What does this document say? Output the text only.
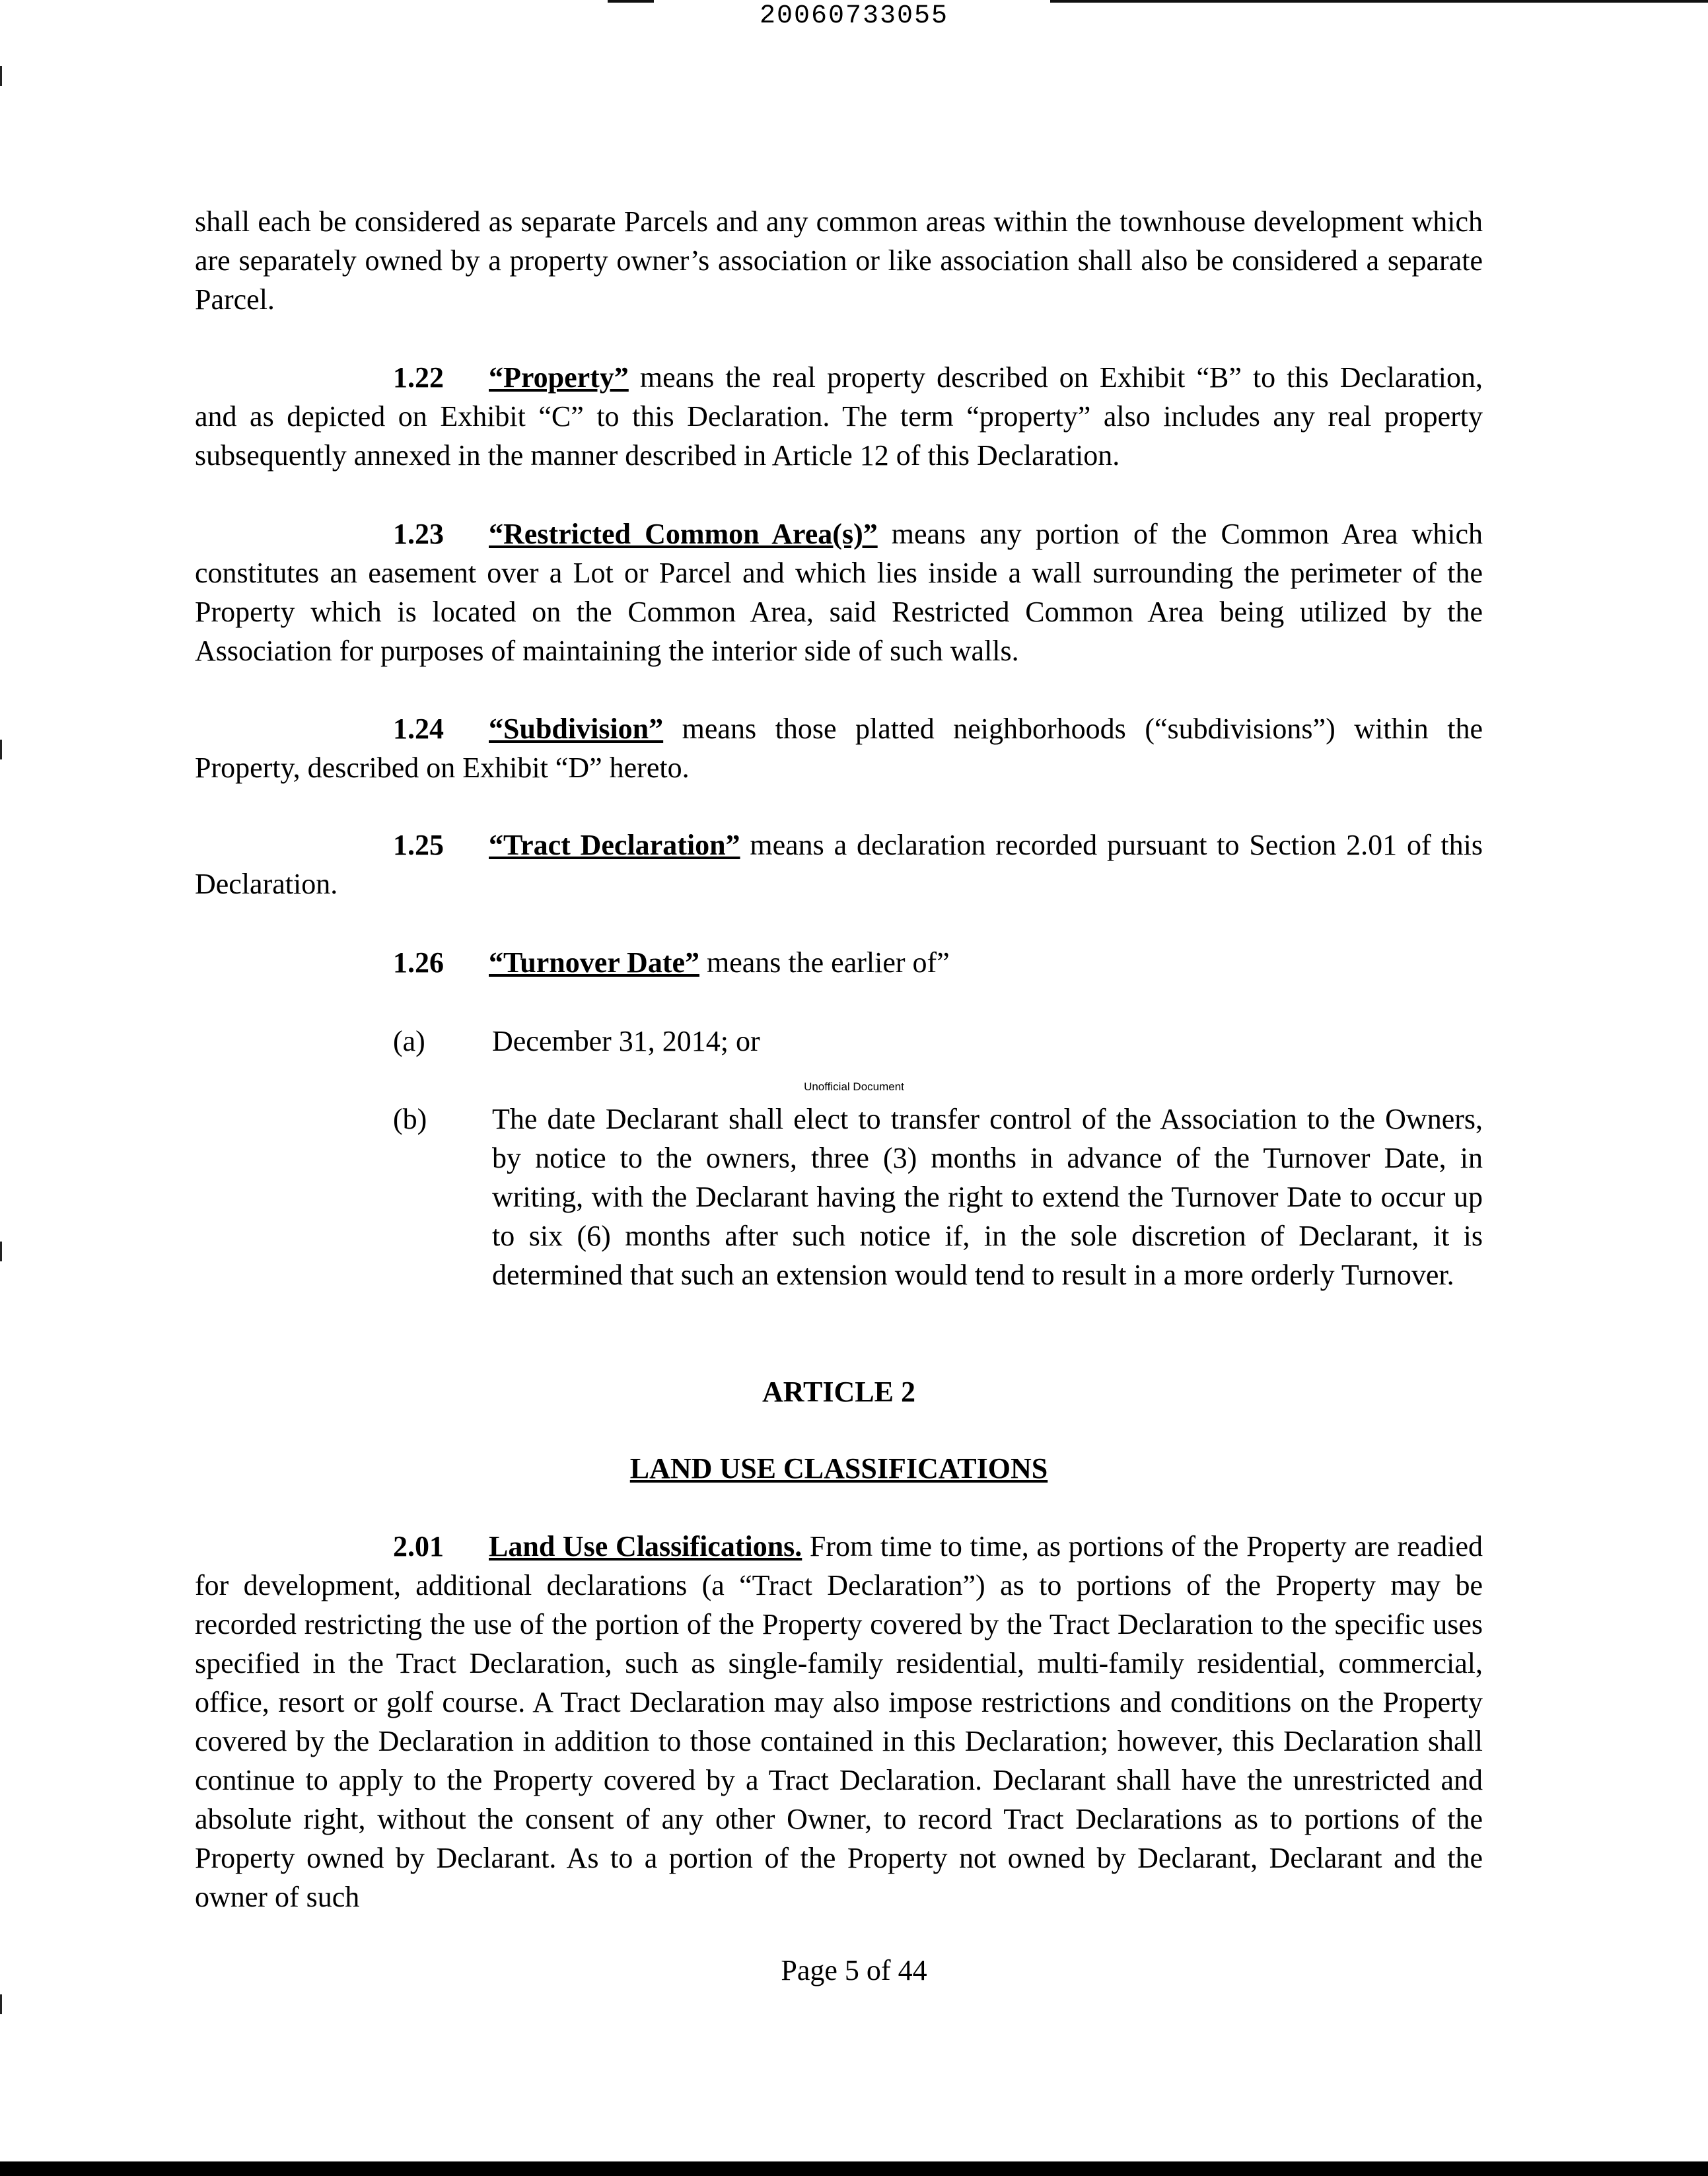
20060733055

shall each be considered as separate Parcels and any common areas within the townhouse development which are separately owned by a property owner’s association or like association shall also be considered a separate Parcel.

1.22 “Property” means the real property described on Exhibit “B” to this Declaration, and as depicted on Exhibit “C” to this Declaration. The term “property” also includes any real property subsequently annexed in the manner described in Article 12 of this Declaration.

1.23 “Restricted Common Area(s)” means any portion of the Common Area which constitutes an easement over a Lot or Parcel and which lies inside a wall surrounding the perimeter of the Property which is located on the Common Area, said Restricted Common Area being utilized by the Association for purposes of maintaining the interior side of such walls.

1.24 “Subdivision” means those platted neighborhoods (“subdivisions”) within the Property, described on Exhibit “D” hereto.

1.25 “Tract Declaration” means a declaration recorded pursuant to Section 2.01 of this Declaration.

1.26 “Turnover Date” means the earlier of”

(a) December 31, 2014; or

(b) The date Declarant shall elect to transfer control of the Association to the Owners, by notice to the owners, three (3) months in advance of the Turnover Date, in writing, with the Declarant having the right to extend the Turnover Date to occur up to six (6) months after such notice if, in the sole discretion of Declarant, it is determined that such an extension would tend to result in a more orderly Turnover.

ARTICLE 2
LAND USE CLASSIFICATIONS

2.01 Land Use Classifications. From time to time, as portions of the Property are readied for development, additional declarations (a “Tract Declaration”) as to portions of the Property may be recorded restricting the use of the portion of the Property covered by the Tract Declaration to the specific uses specified in the Tract Declaration, such as single-family residential, multi-family residential, commercial, office, resort or golf course. A Tract Declaration may also impose restrictions and conditions on the Property covered by the Declaration in addition to those contained in this Declaration; however, this Declaration shall continue to apply to the Property covered by a Tract Declaration. Declarant shall have the unrestricted and absolute right, without the consent of any other Owner, to record Tract Declarations as to portions of the Property owned by Declarant. As to a portion of the Property not owned by Declarant, Declarant and the owner of such

Unofficial Document
Page 5 of 44
